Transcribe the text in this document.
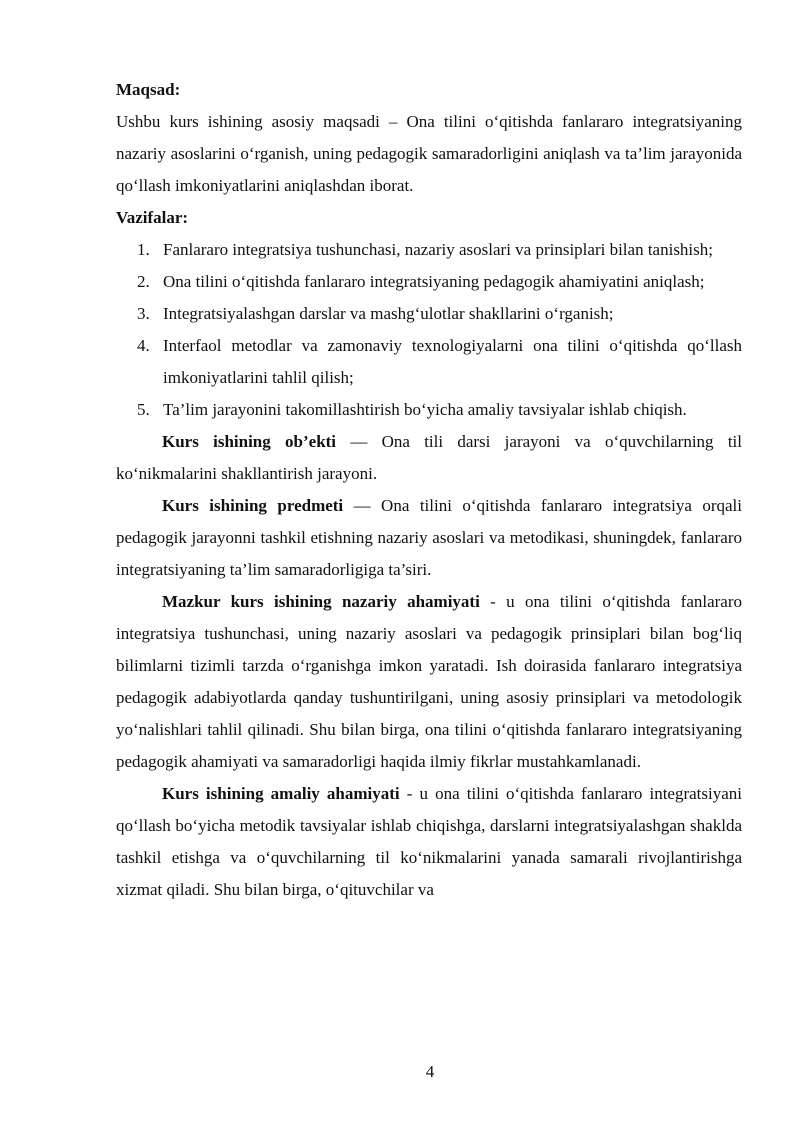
Maqsad:

Ushbu kurs ishining asosiy maqsadi – Ona tilini o‘qitishda fanlararo integratsiyaning nazariy asoslarini o‘rganish, uning pedagogik samaradorligini aniqlash va ta’lim jarayonida qo‘llash imkoniyatlarini aniqlashdan iborat.

Vazifalar:
1. Fanlararo integratsiya tushunchasi, nazariy asoslari va prinsiplari bilan tanishish;
2. Ona tilini o‘qitishda fanlararo integratsiyaning pedagogik ahamiyatini aniqlash;
3. Integratsiyalashgan darslar va mashg‘ulotlar shakllarini o‘rganish;
4. Interfaol metodlar va zamonaviy texnologiyalarni ona tilini o‘qitishda qo‘llash imkoniyatlarini tahlil qilish;
5. Ta’lim jarayonini takomillashtirish bo‘yicha amaliy tavsiyalar ishlab chiqish.

Kurs ishining ob’ekti — Ona tili darsi jarayoni va o‘quvchilarning til ko‘nikmalarini shakllantirish jarayoni.

Kurs ishining predmeti — Ona tilini o‘qitishda fanlararo integratsiya orqali pedagogik jarayonni tashkil etishning nazariy asoslari va metodikasi, shuningdek, fanlararo integratsiyaning ta’lim samaradorligiga ta’siri.

Mazkur kurs ishining nazariy ahamiyati - u ona tilini o‘qitishda fanlararo integratsiya tushunchasi, uning nazariy asoslari va pedagogik prinsiplari bilan bog‘liq bilimlarni tizimli tarzda o‘rganishga imkon yaratadi. Ish doirasida fanlararo integratsiya pedagogik adabiyotlarda qanday tushuntirilgani, uning asosiy prinsiplari va metodologik yo‘nalishlari tahlil qilinadi. Shu bilan birga, ona tilini o‘qitishda fanlararo integratsiyaning pedagogik ahamiyati va samaradorligi haqida ilmiy fikrlar mustahkamlanadi.

Kurs ishining amaliy ahamiyati - u ona tilini o‘qitishda fanlararo integratsiyani qo‘llash bo‘yicha metodik tavsiyalar ishlab chiqishga, darslarni integratsiyalashgan shaklda tashkil etishga va o‘quvchilarning til ko‘nikmalarini yanada samarali rivojlantirishga xizmat qiladi. Shu bilan birga, o‘qituvchilar va

4
